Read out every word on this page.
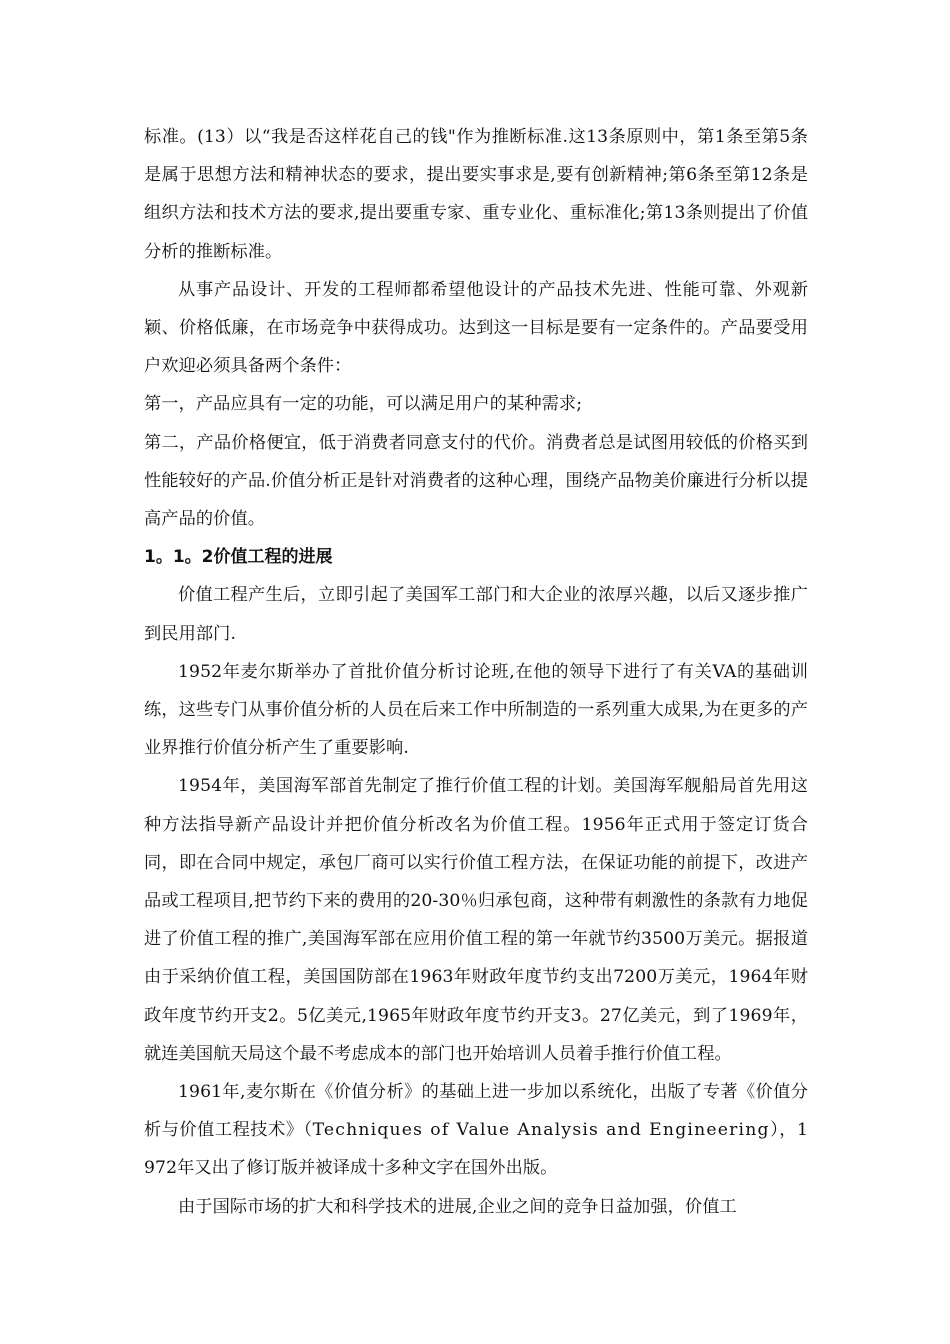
标准。(13）以“我是否这样花自己的钱"作为推断标准.这13条原则中，第1条至第5条是属于思想方法和精神状态的要求，提出要实事求是,要有创新精神;第6条至第12条是组织方法和技术方法的要求,提出要重专家、重专业化、重标准化;第13条则提出了价值分析的推断标准。

从事产品设计、开发的工程师都希望他设计的产品技术先进、性能可靠、外观新颖、价格低廉，在市场竞争中获得成功。达到这一目标是要有一定条件的。产品要受用户欢迎必须具备两个条件：

第一，产品应具有一定的功能，可以满足用户的某种需求;

第二，产品价格便宜，低于消费者同意支付的代价。消费者总是试图用较低的价格买到性能较好的产品.价值分析正是针对消费者的这种心理，围绕产品物美价廉进行分析以提高产品的价值。

1。1。2价值工程的进展

价值工程产生后，立即引起了美国军工部门和大企业的浓厚兴趣，以后又逐步推广到民用部门.

1952年麦尔斯举办了首批价值分析讨论班,在他的领导下进行了有关VA的基础训练，这些专门从事价值分析的人员在后来工作中所制造的一系列重大成果,为在更多的产业界推行价值分析产生了重要影响.

1954年，美国海军部首先制定了推行价值工程的计划。美国海军舰船局首先用这种方法指导新产品设计并把价值分析改名为价值工程。1956年正式用于签定订货合同，即在合同中规定，承包厂商可以实行价值工程方法，在保证功能的前提下，改进产品或工程项目,把节约下来的费用的20-30％归承包商，这种带有刺激性的条款有力地促进了价值工程的推广,美国海军部在应用价值工程的第一年就节约3500万美元。据报道由于采纳价值工程，美国国防部在1963年财政年度节约支出7200万美元，1964年财政年度节约开支2。5亿美元,1965年财政年度节约开支3。27亿美元，到了1969年，就连美国航天局这个最不考虑成本的部门也开始培训人员着手推行价值工程。

1961年,麦尔斯在《价值分析》的基础上进一步加以系统化，出版了专著《价值分析与价值工程技术》（Techniques of Value Analysis and Engineering），1972年又出了修订版并被译成十多种文字在国外出版。

由于国际市场的扩大和科学技术的进展,企业之间的竞争日益加强，价值工
